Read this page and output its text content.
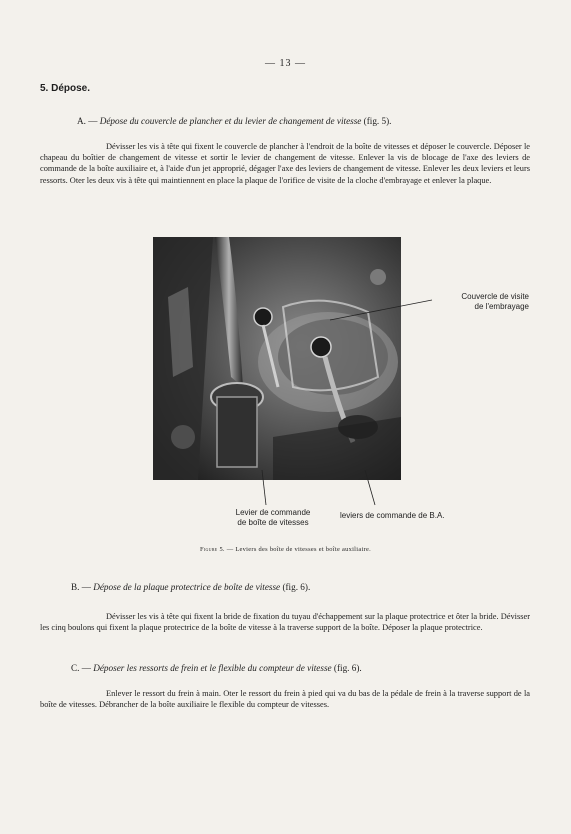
— 13 —
5. Dépose.
A. — Dépose du couvercle de plancher et du levier de changement de vitesse (fig. 5).

Dévisser les vis à tête qui fixent le couvercle de plancher à l'endroit de la boîte de vitesses et déposer le couvercle. Déposer le chapeau du boîtier de changement de vitesse et sortir le levier de changement de vitesse. Enlever la vis de blocage de l'axe des leviers de commande de la boîte auxiliaire et, à l'aide d'un jet approprié, dégager l'axe des leviers de changement de vitesse. Enlever les deux leviers et leurs ressorts. Oter les deux vis à tête qui maintiennent en place la plaque de l'orifice de visite de la cloche d'embrayage et enlever la plaque.

Couvercle de visite
de l'embrayage
Levier de commande
de boîte de vitesses
leviers de commande de B.A.
Figure 5. — Leviers des boîte de vitesses et boîte auxiliaire.
B. — Dépose de la plaque protectrice de boîte de vitesse (fig. 6).

Dévisser les vis à tête qui fixent la bride de fixation du tuyau d'échappement sur la plaque protectrice et ôter la bride. Dévisser les cinq boulons qui fixent la plaque protectrice de la boîte de vitesse à la traverse support de la boîte. Déposer la plaque protectrice.

C. — Déposer les ressorts de frein et le flexible du compteur de vitesse (fig. 6).

Enlever le ressort du frein à main. Oter le ressort du frein à pied qui va du bas de la pédale de frein à la traverse support de la boîte de vitesses. Débrancher de la boîte auxiliaire le flexible du compteur de vitesses.
